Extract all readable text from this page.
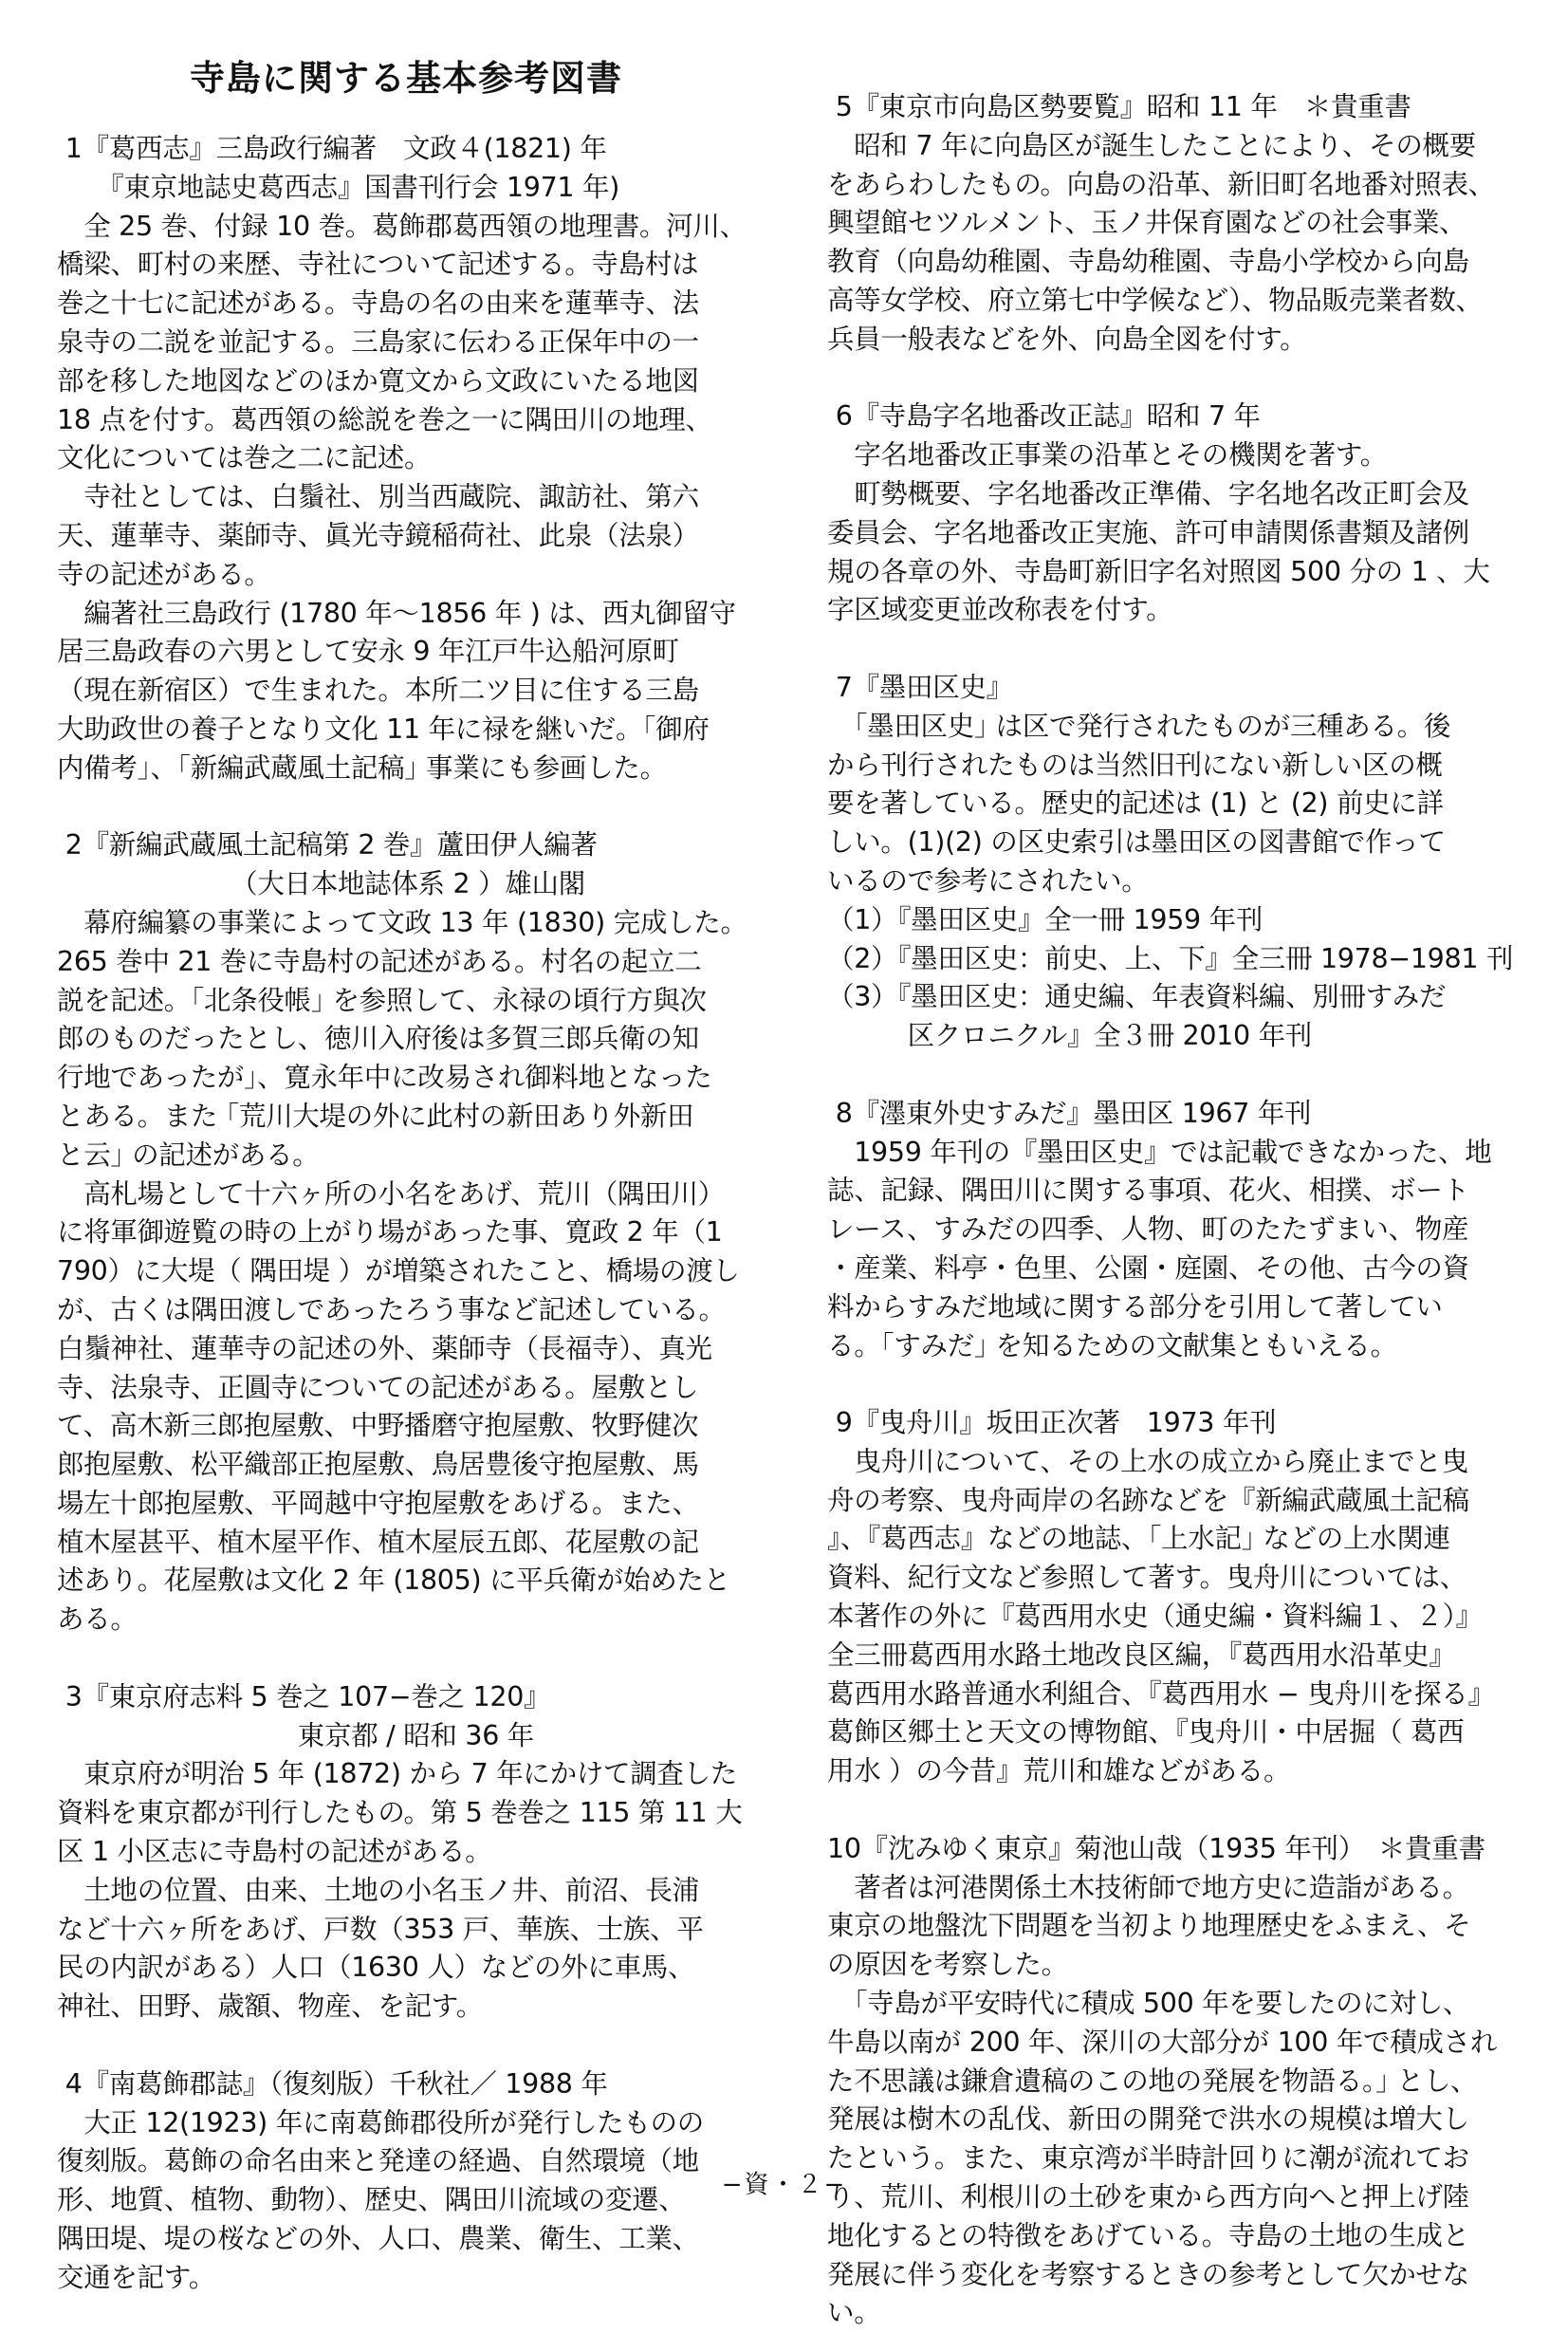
寺島に関する基本参考図書
1『葛西志』三島政行編著　文政４(1821) 年
　　『東京地誌史葛西志』国書刊行会 1971 年)
　全 25 巻、付録 10 巻。葛飾郡葛西領の地理書。河川、
橋梁、町村の来歴、寺社について記述する。寺島村は
巻之十七に記述がある。寺島の名の由来を蓮華寺、法
泉寺の二説を並記する。三島家に伝わる正保年中の一
部を移した地図などのほか寛文から文政にいたる地図
18 点を付す。葛西領の総説を巻之一に隅田川の地理、
文化については巻之二に記述。
　寺社としては、白鬚社、別当西蔵院、諏訪社、第六
天、蓮華寺、薬師寺、眞光寺鏡稲荷社、此泉（法泉）
寺の記述がある。
　編著社三島政行 (1780 年〜1856 年 ) は、西丸御留守
居三島政春の六男として安永 9 年江戸牛込船河原町
（現在新宿区）で生まれた。本所二ツ目に住する三島
大助政世の養子となり文化 11 年に禄を継いだ。｢御府
内備考｣、｢新編武蔵風土記稿｣ 事業にも参画した。
2『新編武蔵風土記稿第 2 巻』蘆田伊人編著
　　　　　　　（大日本地誌体系 2 ）雄山閣
　幕府編纂の事業によって文政 13 年 (1830) 完成した。
265 巻中 21 巻に寺島村の記述がある。村名の起立二
説を記述。｢北条役帳｣ を参照して、永禄の頃行方與次
郎のものだったとし、徳川入府後は多賀三郎兵衛の知
行地であったが」、寛永年中に改易され御料地となった
とある。また ｢荒川大堤の外に此村の新田あり外新田
と云｣ の記述がある。
　高札場として十六ヶ所の小名をあげ、荒川（隅田川）
に将軍御遊覧の時の上がり場があった事、寛政 2 年（1
790）に大堤（ 隅田堤 ）が増築されたこと、橋場の渡し
が、古くは隅田渡しであったろう事など記述している。
白鬚神社、蓮華寺の記述の外、薬師寺（長福寺）、真光
寺、法泉寺、正圓寺についての記述がある。屋敷とし
て、高木新三郎抱屋敷、中野播磨守抱屋敷、牧野健次
郎抱屋敷、松平織部正抱屋敷、鳥居豊後守抱屋敷、馬
場左十郎抱屋敷、平岡越中守抱屋敷をあげる。また、
植木屋甚平、植木屋平作、植木屋辰五郎、花屋敷の記
述あり。花屋敷は文化 2 年 (1805) に平兵衛が始めたと
ある。
3『東京府志料 5 巻之 107−巻之 120』
　　　　　　　　　東京都 / 昭和 36 年
　東京府が明治 5 年 (1872) から 7 年にかけて調査した
資料を東京都が刊行したもの。第 5 巻巻之 115 第 11 大
区 1 小区志に寺島村の記述がある。
　土地の位置、由来、土地の小名玉ノ井、前沼、長浦
など十六ヶ所をあげ、戸数（353 戸、華族、士族、平
民の内訳がある）人口（1630 人）などの外に車馬、
神社、田野、歳額、物産、を記す。
4『南葛飾郡誌』（復刻版）千秋社／ 1988 年
　大正 12(1923) 年に南葛飾郡役所が発行したものの
復刻版。葛飾の命名由来と発達の経過、自然環境（地
形、地質、植物、動物）、歴史、隅田川流域の変遷、
隅田堤、堤の桜などの外、人口、農業、衛生、工業、
交通を記す。
5『東京市向島区勢要覧』昭和 11 年　＊貴重書
　昭和 7 年に向島区が誕生したことにより、その概要
をあらわしたもの。向島の沿革、新旧町名地番対照表、
興望館セツルメント、玉ノ井保育園などの社会事業、
教育（向島幼稚園、寺島幼稚園、寺島小学校から向島
高等女学校、府立第七中学候など）、物品販売業者数、
兵員一般表などを外、向島全図を付す。
6『寺島字名地番改正誌』昭和 7 年
　字名地番改正事業の沿革とその機関を著す。
　町勢概要、字名地番改正準備、字名地名改正町会及
委員会、字名地番改正実施、許可申請関係書類及諸例
規の各章の外、寺島町新旧字名対照図 500 分の 1 、大
字区域変更並改称表を付す。
7『墨田区史』
　｢墨田区史｣ は区で発行されたものが三種ある。後
から刊行されたものは当然旧刊にない新しい区の概
要を著している。歴史的記述は (1) と (2) 前史に詳
しい。(1)(2) の区史索引は墨田区の図書館で作って
いるので参考にされたい。
（1）『墨田区史』全一冊 1959 年刊
（2）『墨田区史：前史、上、下』全三冊 1978−1981 刊
（3）『墨田区史：通史編、年表資料編、別冊すみだ
　　　区クロニクル』全３冊 2010 年刊
8『濹東外史すみだ』墨田区 1967 年刊
　1959 年刊の『墨田区史』では記載できなかった、地
誌、記録、隅田川に関する事項、花火、相撲、ボート
レース、すみだの四季、人物、町のたたずまい、物産
・産業、料亭・色里、公園・庭園、その他、古今の資
料からすみだ地域に関する部分を引用して著してい
る。｢すみだ｣ を知るための文献集ともいえる。
9『曳舟川』坂田正次著　1973 年刊
　曳舟川について、その上水の成立から廃止までと曳
舟の考察、曳舟両岸の名跡などを『新編武蔵風土記稿
』、『葛西志』などの地誌、｢上水記｣ などの上水関連
資料、紀行文など参照して著す。曳舟川については、
本著作の外に『葛西用水史（通史編・資料編１、２）』
全三冊葛西用水路土地改良区編，『葛西用水沿革史』
葛西用水路普通水利組合、『葛西用水 − 曳舟川を探る』
葛飾区郷土と天文の博物館、『曳舟川・中居掘（ 葛西
用水 ）の今昔』荒川和雄などがある。
10『沈みゆく東京』菊池山哉（1935 年刊）　＊貴重書
　著者は河港関係土木技術師で地方史に造詣がある。
東京の地盤沈下問題を当初より地理歴史をふまえ、そ
の原因を考察した。
　｢寺島が平安時代に積成 500 年を要したのに対し、
牛島以南が 200 年、深川の大部分が 100 年で積成され
た不思議は鎌倉遺稿のこの地の発展を物語る。｣ とし、
発展は樹木の乱伐、新田の開発で洪水の規模は増大し
たという。また、東京湾が半時計回りに潮が流れてお
り、荒川、利根川の土砂を東から西方向へと押上げ陸
地化するとの特徴をあげている。寺島の土地の生成と
発展に伴う変化を考察するときの参考として欠かせな
い。
−資・２−
